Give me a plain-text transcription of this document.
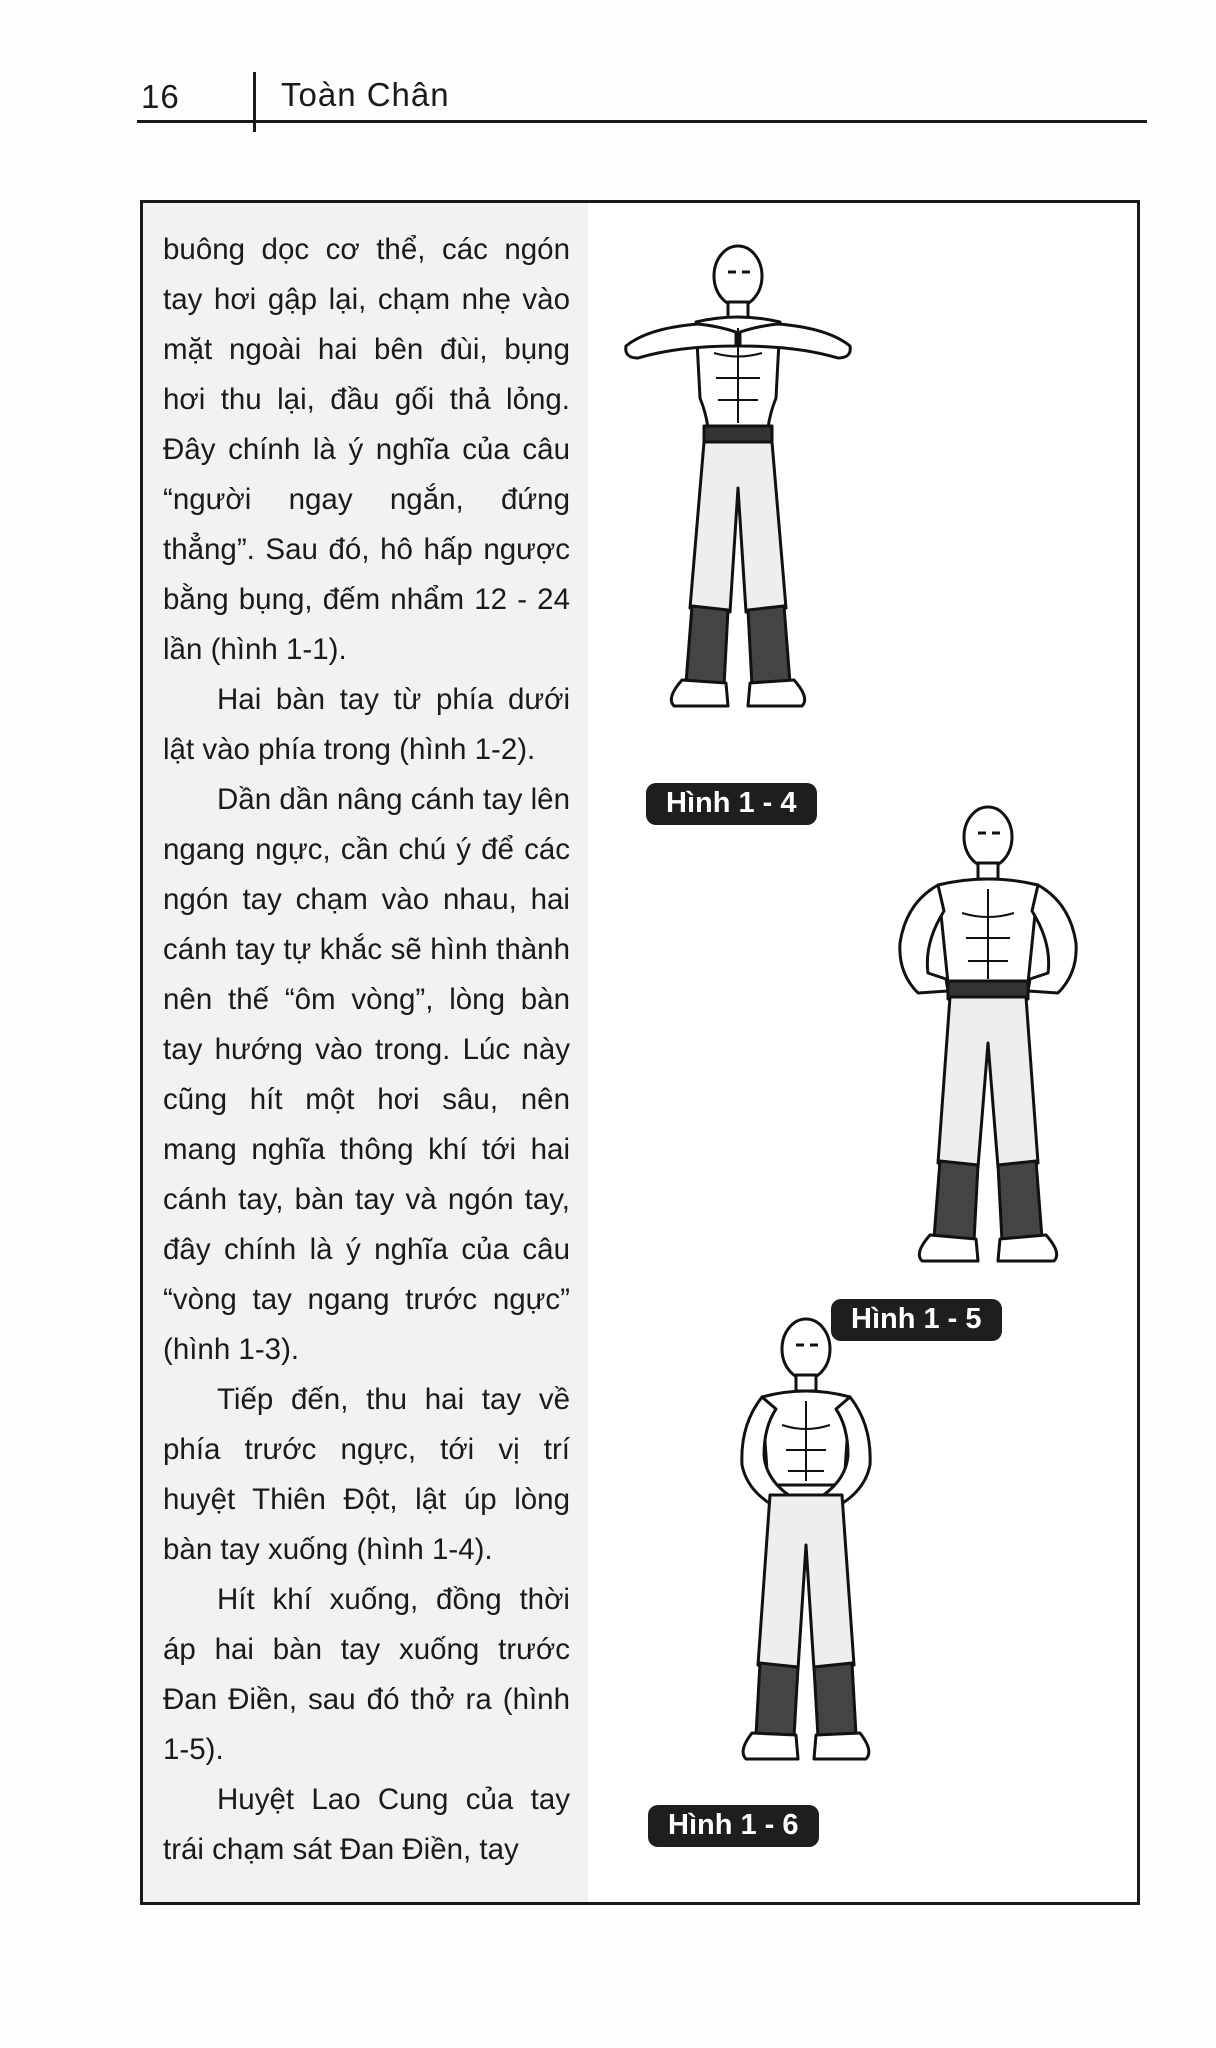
16	Toàn Chân

buông dọc cơ thể, các ngón tay hơi gập lại, chạm nhẹ vào mặt ngoài hai bên đùi, bụng hơi thu lại, đầu gối thả lỏng. Đây chính là ý nghĩa của câu “người ngay ngắn, đứng thẳng”. Sau đó, hô hấp ngược bằng bụng, đếm nhẩm 12 - 24 lần (hình 1-1).

Hai bàn tay từ phía dưới lật vào phía trong (hình 1-2).

Dần dần nâng cánh tay lên ngang ngực, cần chú ý để các ngón tay chạm vào nhau, hai cánh tay tự khắc sẽ hình thành nên thế “ôm vòng”, lòng bàn tay hướng vào trong. Lúc này cũng hít một hơi sâu, nên mang nghĩa thông khí tới hai cánh tay, bàn tay và ngón tay, đây chính là ý nghĩa của câu “vòng tay ngang trước ngực” (hình 1-3).

Tiếp đến, thu hai tay về phía trước ngực, tới vị trí huyệt Thiên Đột, lật úp lòng bàn tay xuống (hình 1-4).

Hít khí xuống, đồng thời áp hai bàn tay xuống trước Đan Điền, sau đó thở ra (hình 1-5).

Huyệt Lao Cung của tay trái chạm sát Đan Điền, tay

Hình 1 - 4
Hình 1 - 5
Hình 1 - 6
